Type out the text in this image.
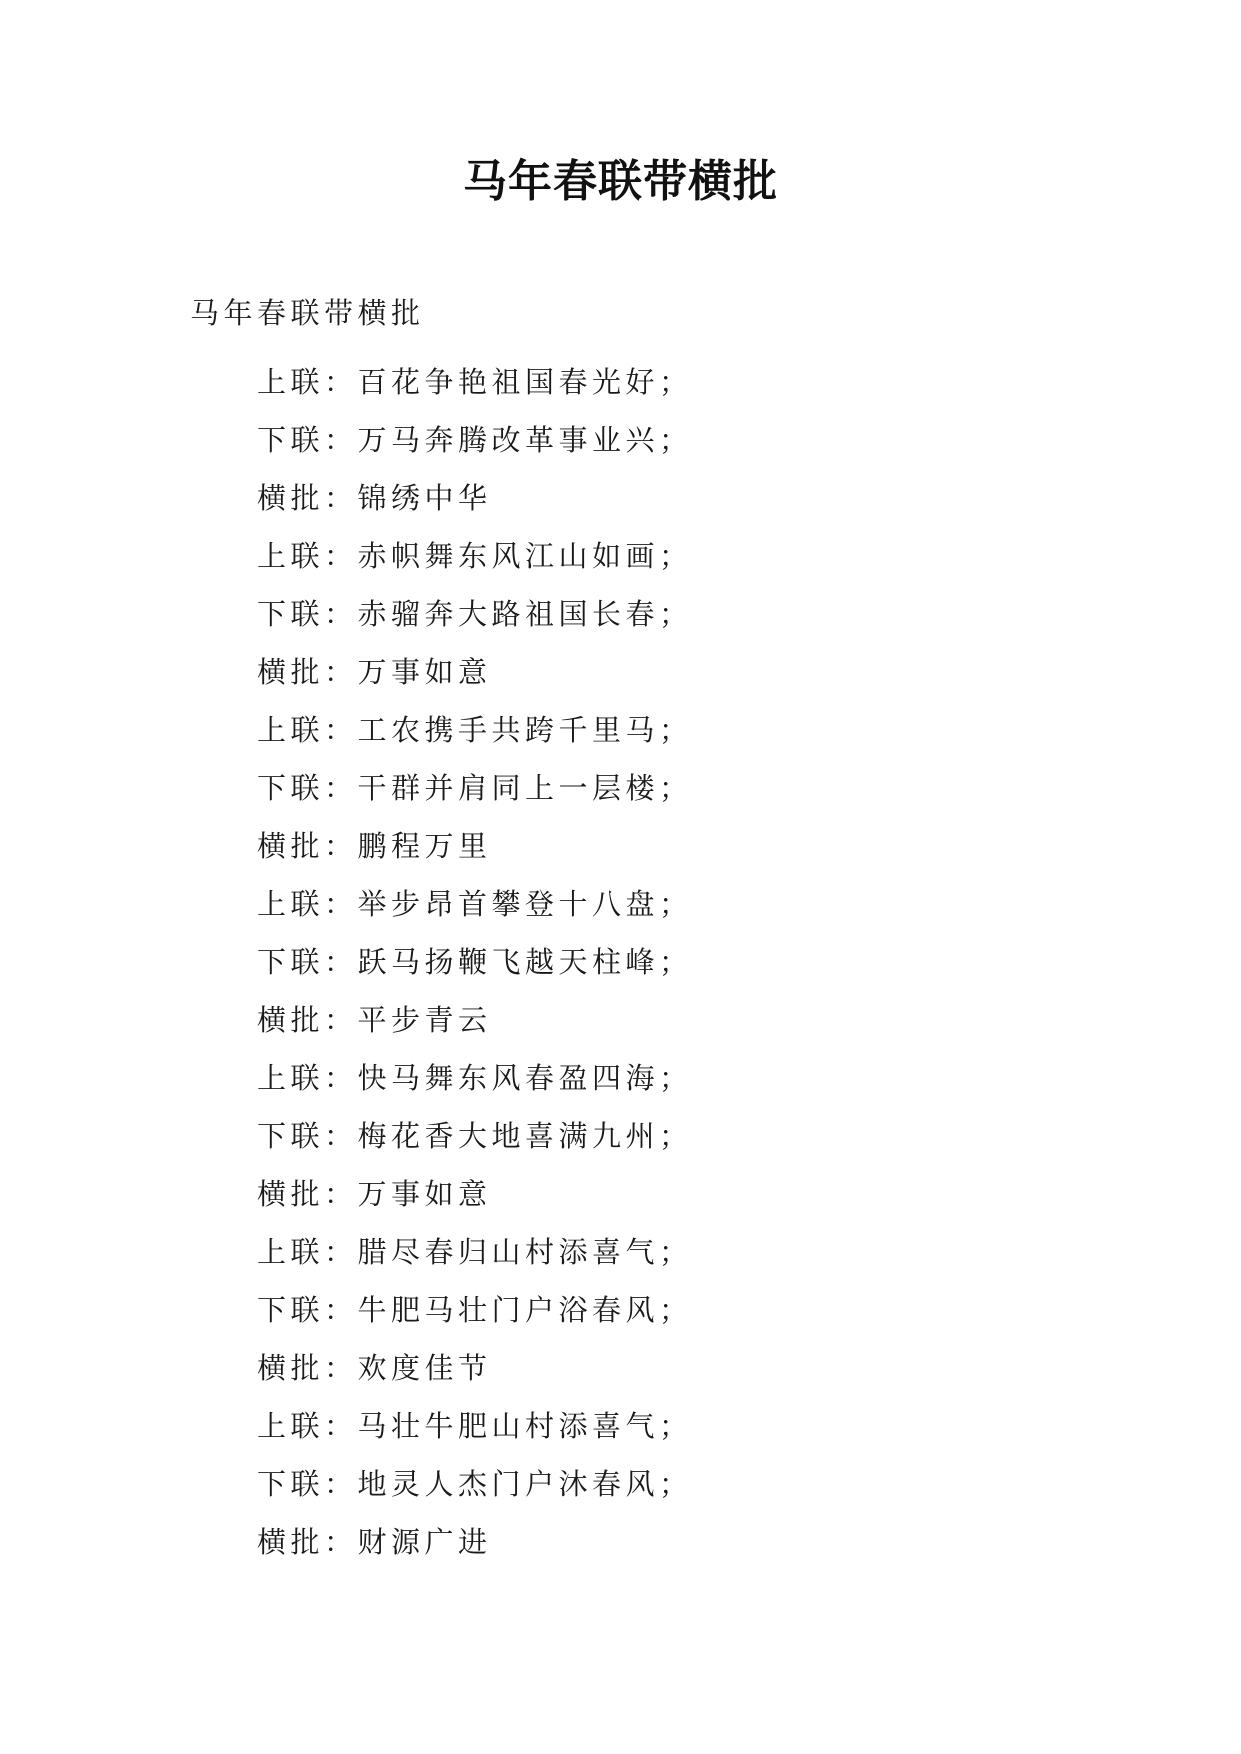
马年春联带横批
马年春联带横批
上联 ： 百花争艳祖国春光好；
下联 ： 万马奔腾改革事业兴；
横批 ： 锦绣中华
上联 ： 赤帜舞东风江山如画；
下联 ： 赤骝奔大路祖国长春；
横批 ： 万事如意
上联 ： 工农携手共跨千里马；
下联 ： 干群并肩同上一层楼；
横批 ： 鹏程万里
上联 ： 举步昂首攀登十八盘；
下联 ： 跃马扬鞭飞越天柱峰；
横批 ： 平步青云
上联 ： 快马舞东风春盈四海；
下联 ： 梅花香大地喜满九州；
横批 ： 万事如意
上联 ： 腊尽春归山村添喜气；
下联 ： 牛肥马壮门户浴春风；
横批 ： 欢度佳节
上联 ： 马壮牛肥山村添喜气；
下联 ： 地灵人杰门户沐春风；
横批 ： 财源广进
